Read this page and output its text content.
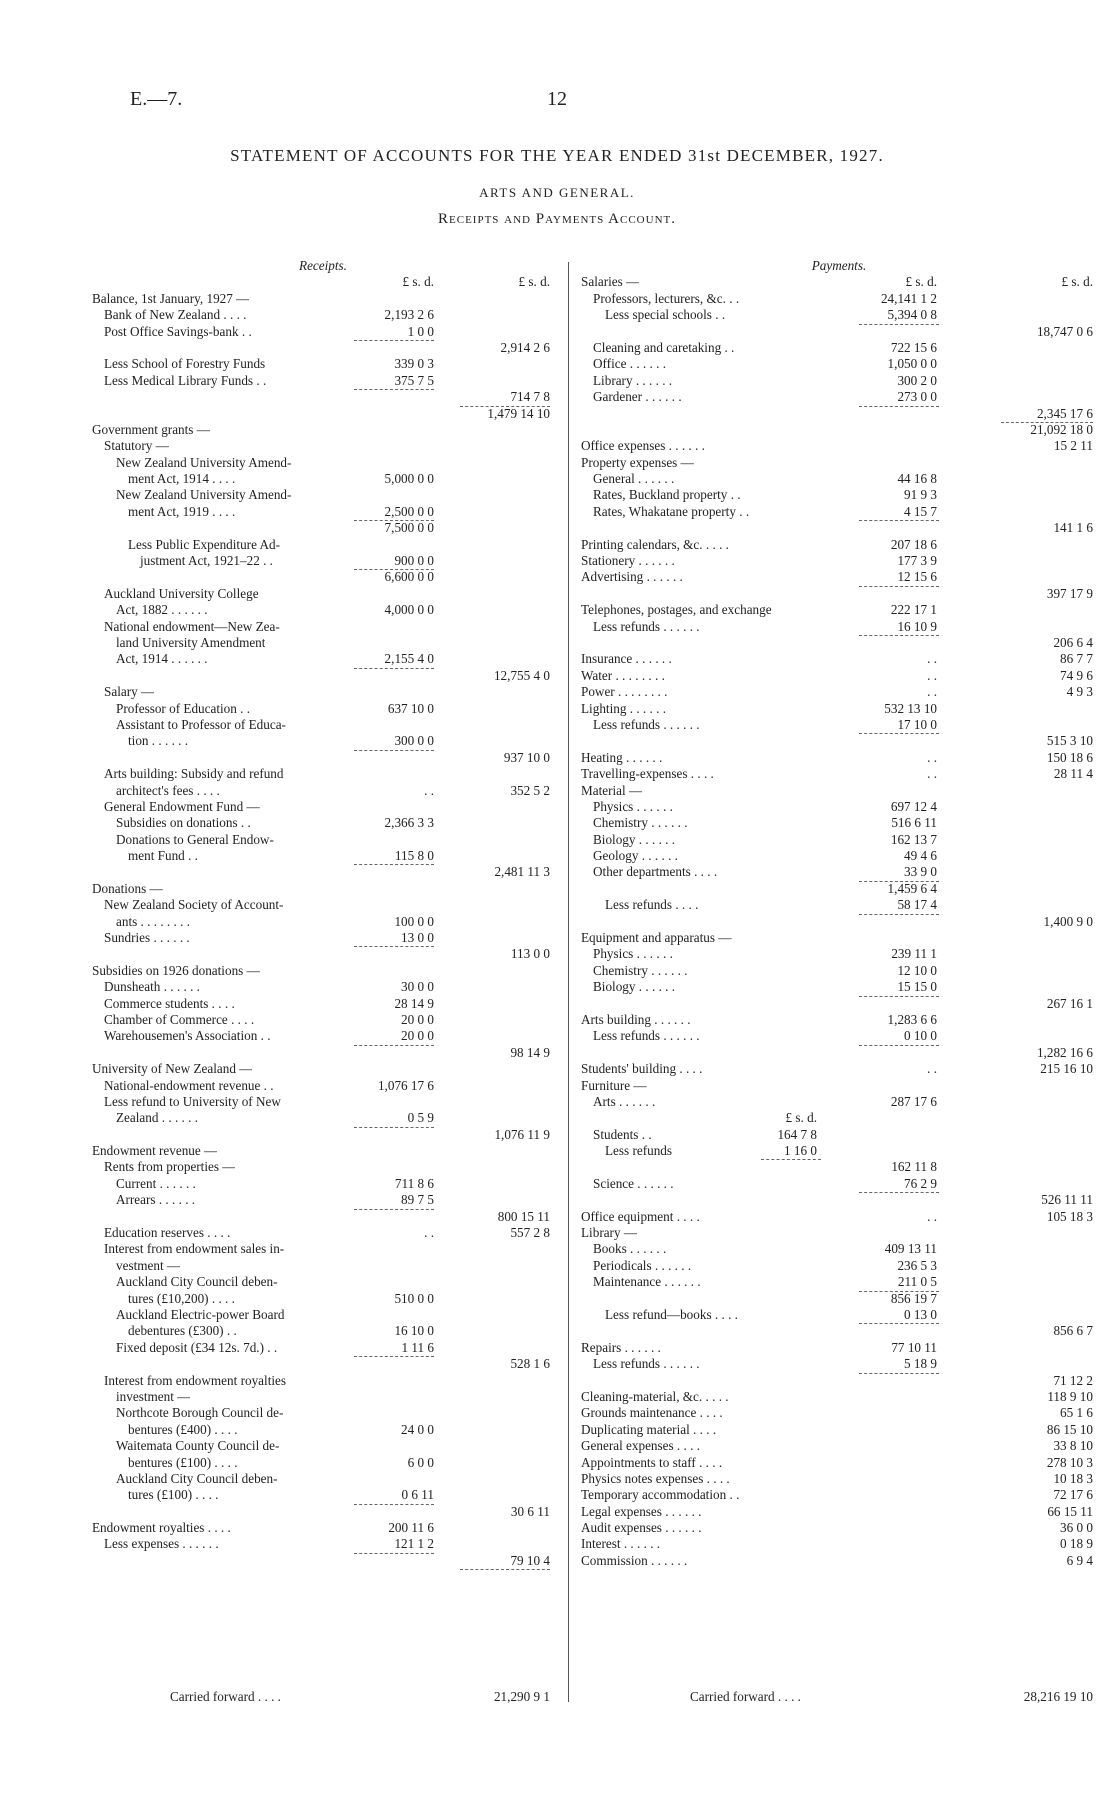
E.—7.	12
STATEMENT OF ACCOUNTS FOR THE YEAR ENDED 31st DECEMBER, 1927.
ARTS AND GENERAL.
Receipts and Payments Account.
Receipts.
£ s. d.	£ s. d.
Balance, 1st January, 1927 —
Bank of New Zealand . . . .	2,193 2 6
Post Office Savings-bank . .	1 0 0
2,914 2 6
Less School of Forestry Funds	339 0 3
Less Medical Library Funds . .	375 7 5
714 7 8
1,479 14 10
Government grants —
Statutory —
New Zealand University Amend-
ment Act, 1914 . . . .	5,000 0 0
New Zealand University Amend-
ment Act, 1919 . . . .	2,500 0 0
7,500 0 0
Less Public Expenditure Ad-
justment Act, 1921–22 . .	900 0 0
6,600 0 0
Auckland University College
Act, 1882 . . . . . .	4,000 0 0
National endowment—New Zea-
land University Amendment
Act, 1914 . . . . . .	2,155 4 0
12,755 4 0
Salary —
Professor of Education . .	637 10 0
Assistant to Professor of Educa-
tion . . . . . .	300 0 0
937 10 0
Arts building: Subsidy and refund
architect's fees . . . .	. .	352 5 2
General Endowment Fund —
Subsidies on donations . .	2,366 3 3
Donations to General Endow-
ment Fund . .	115 8 0
2,481 11 3
Donations —
New Zealand Society of Account-
ants . . . . . . . .	100 0 0
Sundries . . . . . .	13 0 0
113 0 0
Subsidies on 1926 donations —
Dunsheath . . . . . .	30 0 0
Commerce students . . . .	28 14 9
Chamber of Commerce . . . .	20 0 0
Warehousemen's Association . .	20 0 0
98 14 9
University of New Zealand —
National-endowment revenue . .	1,076 17 6
Less refund to University of New
Zealand . . . . . .	0 5 9
1,076 11 9
Endowment revenue —
Rents from properties —
Current . . . . . .	711 8 6
Arrears . . . . . .	89 7 5
800 15 11
Education reserves . . . .	. .	557 2 8
Interest from endowment sales in-
vestment —
Auckland City Council deben-
tures (£10,200) . . . .	510 0 0
Auckland Electric-power Board
debentures (£300) . .	16 10 0
Fixed deposit (£34 12s. 7d.) . .	1 11 6
528 1 6
Interest from endowment royalties
investment —
Northcote Borough Council de-
bentures (£400) . . . .	24 0 0
Waitemata County Council de-
bentures (£100) . . . .	6 0 0
Auckland City Council deben-
tures (£100) . . . .	0 6 11
30 6 11
Endowment royalties . . . .	200 11 6
Less expenses . . . . . .	121 1 2
79 10 4
Payments.
Salaries —	£ s. d.	£ s. d.
Professors, lecturers, &c. . .	24,141 1 2
Less special schools . .	5,394 0 8
18,747 0 6
Cleaning and caretaking . .	722 15 6
Office . . . . . .	1,050 0 0
Library . . . . . .	300 2 0
Gardener . . . . . .	273 0 0
2,345 17 6
21,092 18 0
Office expenses . . . . . .	15 2 11
Property expenses —
General . . . . . .	44 16 8
Rates, Buckland property . .	91 9 3
Rates, Whakatane property . .	4 15 7
141 1 6
Printing calendars, &c. . . . .	207 18 6
Stationery . . . . . .	177 3 9
Advertising . . . . . .	12 15 6
397 17 9
Telephones, postages, and exchange	222 17 1
Less refunds . . . . . .	16 10 9
206 6 4
Insurance . . . . . .	. .	86 7 7
Water . . . . . . . .	. .	74 9 6
Power . . . . . . . .	. .	4 9 3
Lighting . . . . . .	532 13 10
Less refunds . . . . . .	17 10 0
515 3 10
Heating . . . . . .	. .	150 18 6
Travelling-expenses . . . .	. .	28 11 4
Material —
Physics . . . . . .	697 12 4
Chemistry . . . . . .	516 6 11
Biology . . . . . .	162 13 7
Geology . . . . . .	49 4 6
Other departments . . . .	33 9 0
1,459 6 4
Less refunds . . . .	58 17 4
1,400 9 0
Equipment and apparatus —
Physics . . . . . .	239 11 1
Chemistry . . . . . .	12 10 0
Biology . . . . . .	15 15 0
267 16 1
Arts building . . . . . .	1,283 6 6
Less refunds . . . . . .	0 10 0
1,282 16 6
Students' building . . . .	. .	215 16 10
Furniture —
Arts . . . . . .	287 17 6
£ s. d.
Students . .	164 7 8
Less refunds	1 16 0
162 11 8
Science . . . . . .	76 2 9
526 11 11
Office equipment . . . .	. .	105 18 3
Library —
Books . . . . . .	409 13 11
Periodicals . . . . . .	236 5 3
Maintenance . . . . . .	211 0 5
856 19 7
Less refund—books . . . .	0 13 0
856 6 7
Repairs . . . . . .	77 10 11
Less refunds . . . . . .	5 18 9
71 12 2
Cleaning-material, &c. . . . .	118 9 10
Grounds maintenance . . . .	65 1 6
Duplicating material . . . .	86 15 10
General expenses . . . .	33 8 10
Appointments to staff . . . .	278 10 3
Physics notes expenses . . . .	10 18 3
Temporary accommodation . .	72 17 6
Legal expenses . . . . . .	66 15 11
Audit expenses . . . . . .	36 0 0
Interest . . . . . .	0 18 9
Commission . . . . . .	6 9 4
Carried forward . . . .	21,290 9 1	Carried forward . . . .	28,216 19 10
